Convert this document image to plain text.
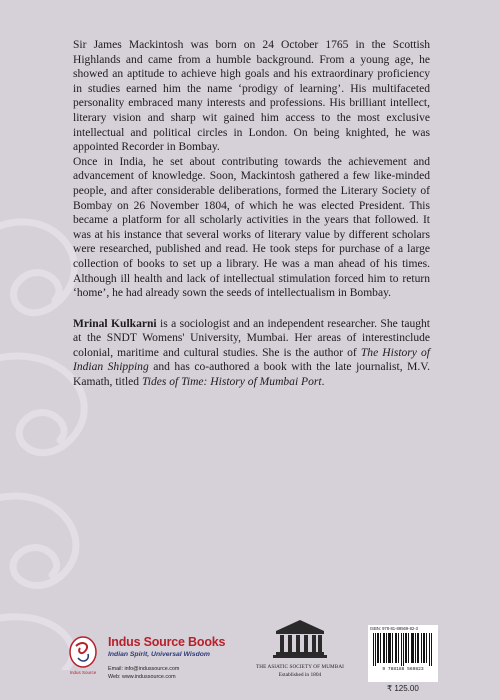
Sir James Mackintosh was born on 24 October 1765 in the Scottish Highlands and came from a humble background. From a young age, he showed an aptitude to achieve high goals and his extraordinary proficiency in studies earned him the name ‘prodigy of learning’. His multifaceted personality embraced many interests and professions. His brilliant intellect, literary vision and sharp wit gained him access to the most exclusive intellectual and political circles in London. On being knighted, he was appointed Recorder in Bombay.

Once in India, he set about contributing towards the achievement and advancement of knowledge. Soon, Mackintosh gathered a few like-minded people, and after considerable deliberations, formed the Literary Society of Bombay on 26 November 1804, of which he was elected President. This became a platform for all scholarly activities in the years that followed. It was at his instance that several works of literary value by different scholars were researched, published and read. He took steps for purchase of a large collection of books to set up a library. He was a man ahead of his times. Although ill health and lack of intellectual stimulation forced him to return ‘home’, he had already sown the seeds of intellectualism in Bombay.

Mrinal Kulkarni is a sociologist and an independent researcher. She taught at the SNDT Womens' University, Mumbai. Her areas of interestinclude colonial, maritime and cultural studies. She is the author of The History of Indian Shipping and has co-authored a book with the late journalist, M.V. Kamath, titled Tides of Time: History of Mumbai Port.

Indus Source
Indus Source Books
Indian Spirit, Universal Wisdom
Email: info@indussource.com
Web: www.indussource.com
THE ASIATIC SOCIETY OF MUMBAI
Established in 1804
ISBN: 978-81-88569-82-3
9 788188 569823
₹ 125.00
